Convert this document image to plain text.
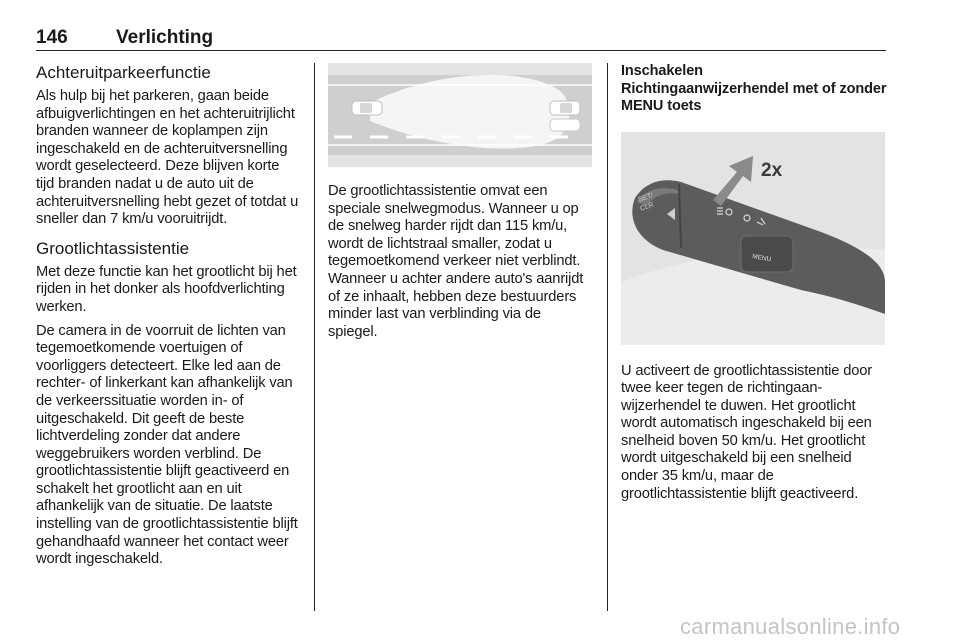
146	Verlichting
Achteruitparkeerfunctie

Als hulp bij het parkeren, gaan beide afbuigverlichtingen en het achteruitrijlicht branden wanneer de koplampen zijn ingeschakeld en de achteruitversnelling wordt geselecteerd. Deze blijven korte tijd branden nadat u de auto uit de achteruitversnelling hebt gezet of totdat u sneller dan 7 km/u vooruitrijdt.

Grootlichtassistentie

Met deze functie kan het grootlicht bij het rijden in het donker als hoofdverlichting werken.

De camera in de voorruit de lichten van tegemoetkomende voertuigen of voorliggers detecteert. Elke led aan de rechter- of linkerkant kan afhankelijk van de verkeerssituatie worden in- of uitgeschakeld. Dit geeft de beste lichtverdeling zonder dat andere weggebruikers worden verblind. De grootlichtassistentie blijft geactiveerd en schakelt het grootlicht aan en uit afhankelijk van de situatie. De laatste instelling van de grootlichtassistentie blijft gehandhaafd wanneer het contact weer wordt ingeschakeld.

De grootlichtassistentie omvat een speciale snelwegmodus. Wanneer u op de snelweg harder rijdt dan 115 km/u, wordt de lichtstraal smaller, zodat u tegemoetkomend verkeer niet verblindt. Wanneer u achter andere auto's aanrijdt of ze inhaalt, hebben deze bestuurders minder last van verblinding via de spiegel.

Inschakelen
Richtingaanwijzerhendel met of zonder MENU toets
2x
SET/
CLR
MENU

U activeert de grootlichtassistentie door twee keer tegen de richtingaanwijzerhendel te duwen. Het grootlicht wordt automatisch ingeschakeld bij een snelheid boven 50 km/u. Het grootlicht wordt uitgeschakeld bij een snelheid onder 35 km/u, maar de grootlichtassistentie blijft geactiveerd.

carmanualsonline.info
